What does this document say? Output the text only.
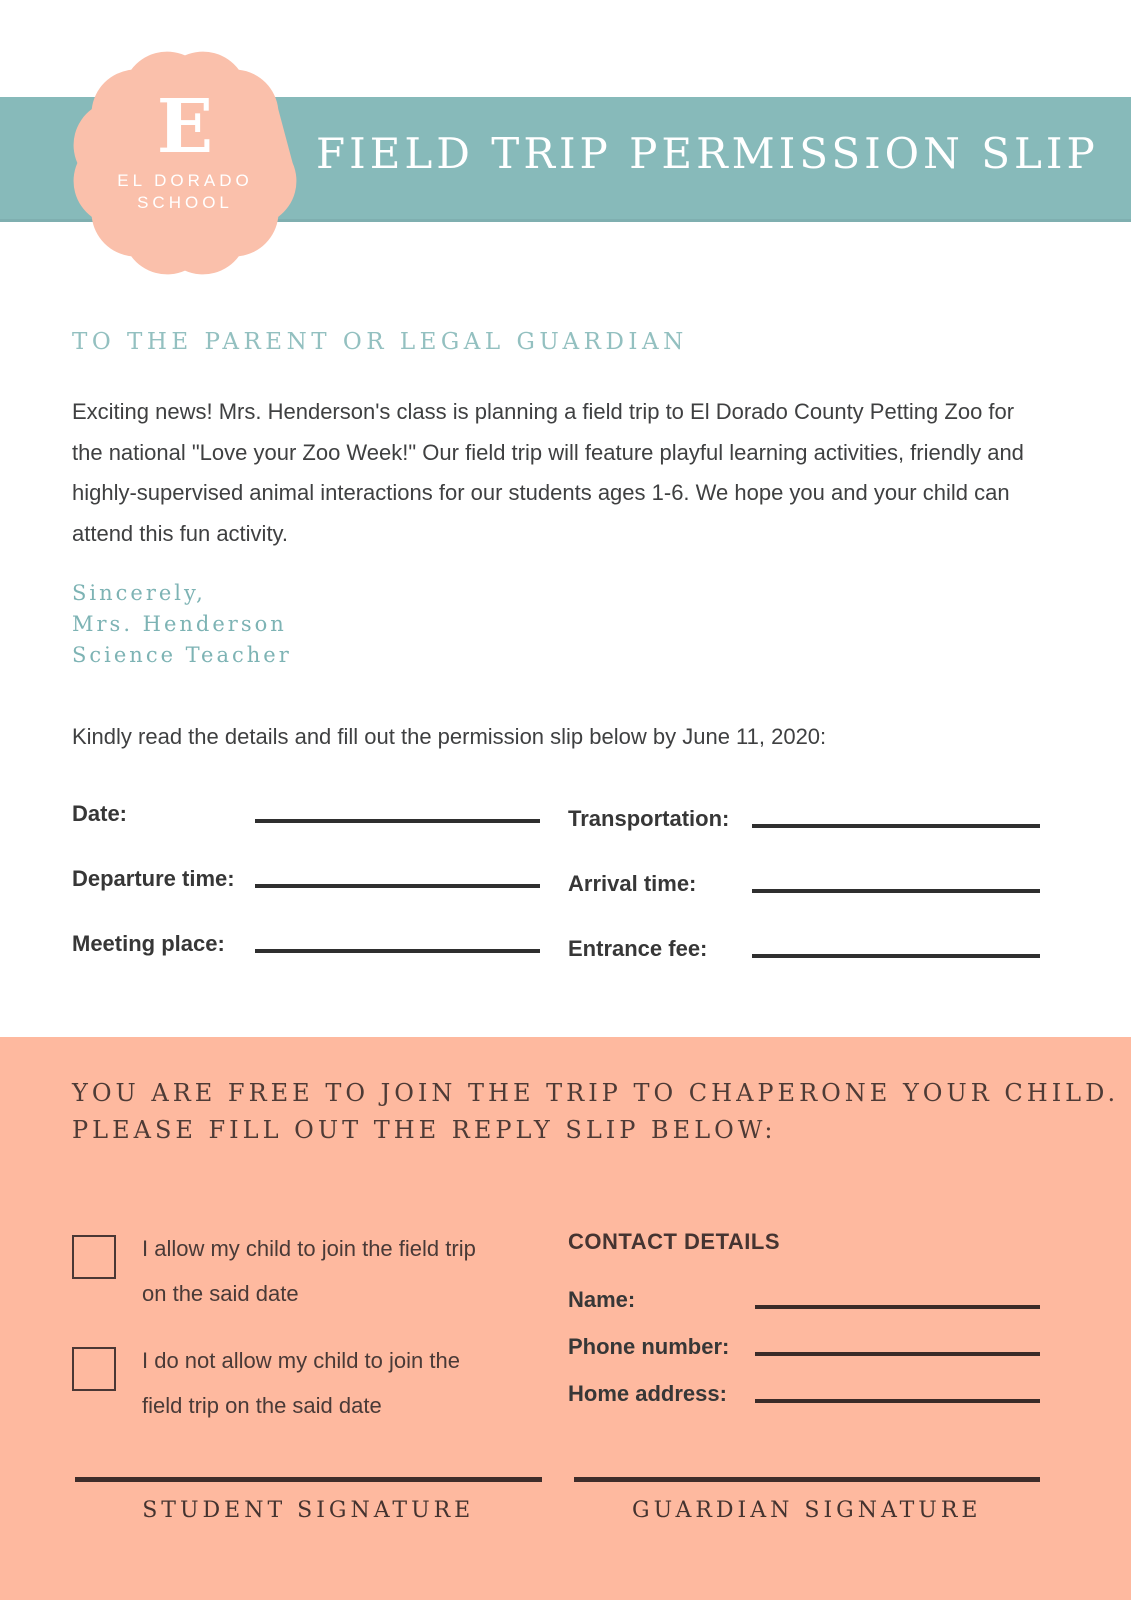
FIELD TRIP PERMISSION SLIP
E
EL DORADO
SCHOOL
TO THE PARENT OR LEGAL GUARDIAN
Exciting news! Mrs. Henderson's class is planning a field trip to El Dorado County Petting Zoo for the national "Love your Zoo Week!" Our field trip will feature playful learning activities, friendly and highly-supervised animal interactions for our students ages 1-6. We hope you and your child can attend this fun activity.
Sincerely,
Mrs. Henderson
Science Teacher
Kindly read the details and fill out the permission slip below by June 11, 2020:
Date:
Departure time:
Meeting place:
Transportation:
Arrival time:
Entrance fee:
YOU ARE FREE TO JOIN THE TRIP TO CHAPERONE YOUR CHILD.
PLEASE FILL OUT THE REPLY SLIP BELOW:
I allow my child to join the field trip on the said date
I do not allow my child to join the field trip on the said date
CONTACT DETAILS
Name:
Phone number:
Home address:
STUDENT SIGNATURE	GUARDIAN SIGNATURE
